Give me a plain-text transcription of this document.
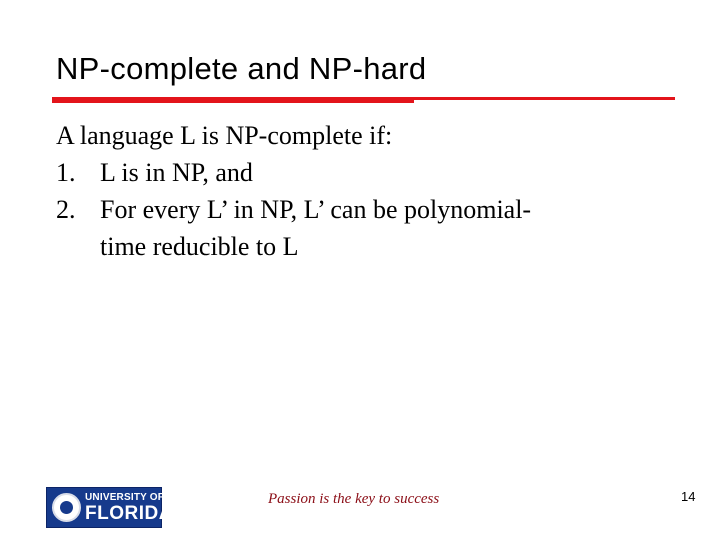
NP-complete and NP-hard
A language L is NP-complete if:
1. L is in NP, and
2. For every L’ in NP, L’ can be polynomial-
time reducible to L
UNIVERSITY OF
FLORIDA
Passion is the key to success	14
